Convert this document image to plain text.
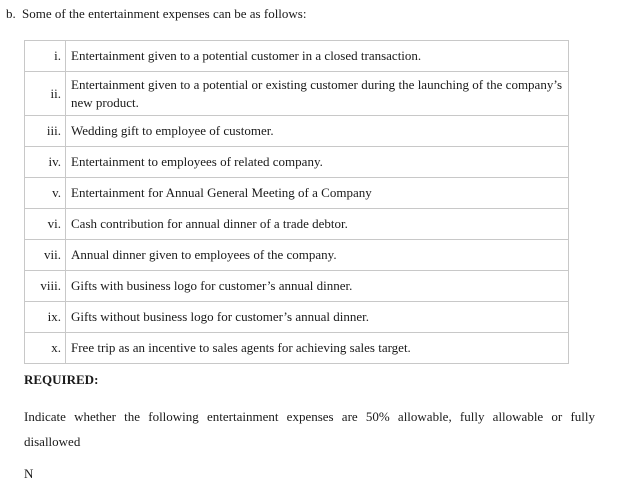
b. Some of the entertainment expenses can be as follows:
i.	Entertainment given to a potential customer in a closed transaction.
ii.	Entertainment given to a potential or existing customer during the launching of the company’s new product.
iii.	Wedding gift to employee of customer.
iv.	Entertainment to employees of related company.
v.	Entertainment for Annual General Meeting of a Company
vi.	Cash contribution for annual dinner of a trade debtor.
vii.	Annual dinner given to employees of the company.
viii.	Gifts with business logo for customer’s annual dinner.
ix.	Gifts without business logo for customer’s annual dinner.
x.	Free trip as an incentive to sales agents for achieving sales target.
REQUIRED:
Indicate whether the following entertainment expenses are 50% allowable, fully allowable or fully disallowed
N
